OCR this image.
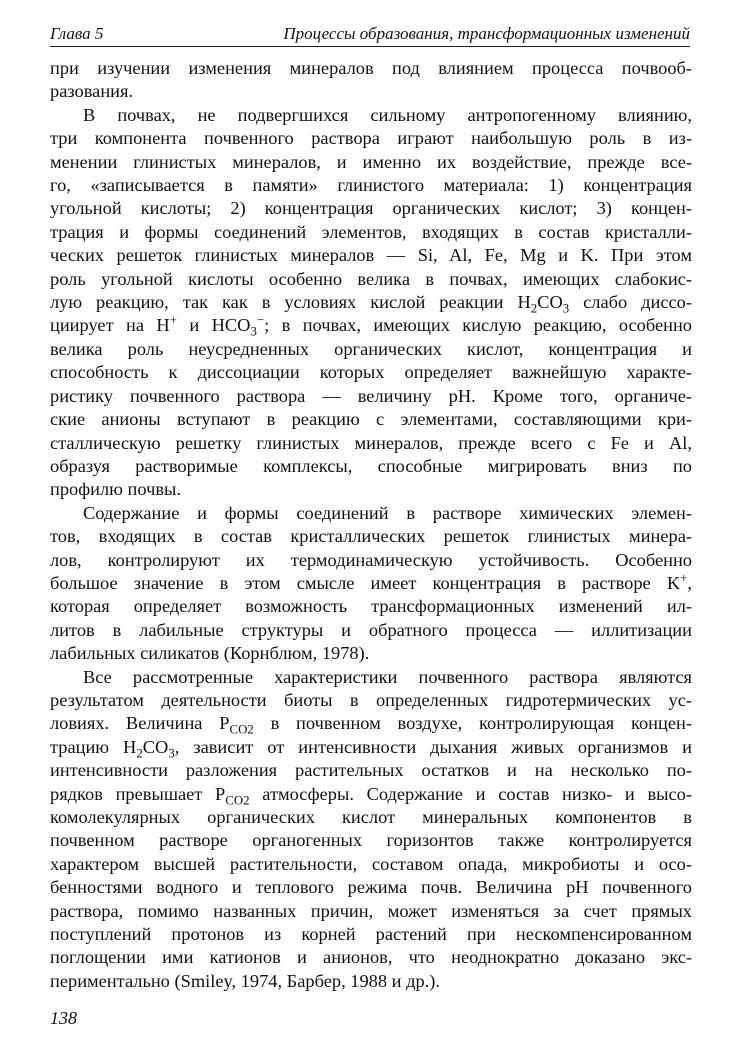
Глава 5	Процессы образования, трансформационных изменений

при изучении изменения минералов под влиянием процесса почвооб-
разования.

В почвах, не подвергшихся сильному антропогенному влиянию,
три компонента почвенного раствора играют наибольшую роль в из-
менении глинистых минералов, и именно их воздействие, прежде все-
го, «записывается в памяти» глинистого материала: 1) концентрация
угольной кислоты; 2) концентрация органических кислот; 3) концен-
трация и формы соединений элементов, входящих в состав кристалли-
ческих решеток глинистых минералов — Si, Al, Fe, Mg и K. При этом
роль угольной кислоты особенно велика в почвах, имеющих слабокис-
лую реакцию, так как в условиях кислой реакции $H_2CO_3$ слабо диссо-
циирует на H+ и $HCO_3^-$; в почвах, имеющих кислую реакцию, особенно
велика роль неусредненных органических кислот, концентрация и
способность к диссоциации которых определяет важнейшую характе-
ристику почвенного раствора — величину pH. Кроме того, органиче-
ские анионы вступают в реакцию с элементами, составляющими кри-
сталлическую решетку глинистых минералов, прежде всего с Fe и Al,
образуя растворимые комплексы, способные мигрировать вниз по
профилю почвы.

Содержание и формы соединений в растворе химических элемен-
тов, входящих в состав кристаллических решеток глинистых минера-
лов, контролируют их термодинамическую устойчивость. Особенно
большое значение в этом смысле имеет концентрация в растворе K+,
которая определяет возможность трансформационных изменений ил-
литов в лабильные структуры и обратного процесса — иллитизации
лабильных силикатов (Корнблюм, 1978).

Все рассмотренные характеристики почвенного раствора являются
результатом деятельности биоты в определенных гидротермических ус-
ловиях. Величина $P_{CO2}$ в почвенном воздухе, контролирующая концен-
трацию $H_2CO_3$, зависит от интенсивности дыхания живых организмов и
интенсивности разложения растительных остатков и на несколько по-
рядков превышает $P_{CO2}$ атмосферы. Содержание и состав низко- и высо-
комолекулярных органических кислот минеральных компонентов в
почвенном растворе органогенных горизонтов также контролируется
характером высшей растительности, составом опада, микробиоты и осо-
бенностями водного и теплового режима почв. Величина pH почвенного
раствора, помимо названных причин, может изменяться за счет прямых
поступлений протонов из корней растений при нескомпенсированном
поглощении ими катионов и анионов, что неоднократно доказано экс-
периментально (Smiley, 1974, Барбер, 1988 и др.).

138
